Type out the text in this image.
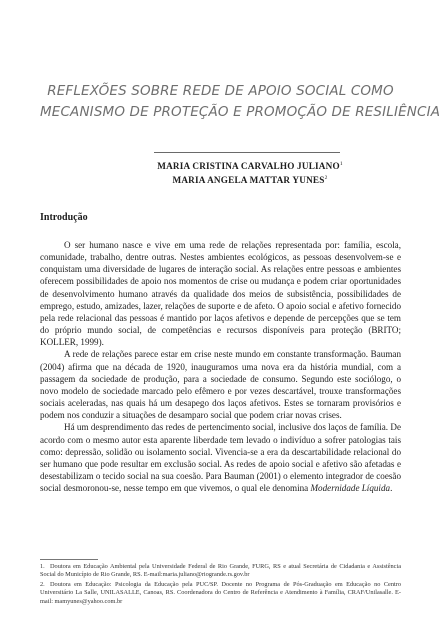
REFLEXÕES SOBRE REDE DE APOIO SOCIAL COMO
MECANISMO DE PROTEÇÃO E PROMOÇÃO DE RESILIÊNCIA
MARIA CRISTINA CARVALHO JULIANO$^1$
MARIA ANGELA MATTAR YUNES$^2$
Introdução

O ser humano nasce e vive em uma rede de relações representada por: família, escola, comunidade, trabalho, dentre outras. Nestes ambientes ecológicos, as pessoas desenvolvem-se e conquistam uma diversidade de lugares de interação social. As relações entre pessoas e ambientes oferecem possibilidades de apoio nos momentos de crise ou mudança e podem criar oportunidades de desenvolvimento humano através da qualidade dos meios de subsistência, possibilidades de emprego, estudo, amizades, lazer, relações de suporte e de afeto. O apoio social e afetivo fornecido pela rede relacional das pessoas é mantido por laços afetivos e depende de percepções que se tem do próprio mundo social, de competências e recursos disponíveis para proteção (BRITO; KOLLER, 1999).

A rede de relações parece estar em crise neste mundo em constante transformação. Bauman (2004) afirma que na década de 1920, inauguramos uma nova era da história mundial, com a passagem da sociedade de produção, para a sociedade de consumo. Segundo este sociólogo, o novo modelo de sociedade marcado pelo efêmero e por vezes descartável, trouxe transformações sociais aceleradas, nas quais há um desapego dos laços afetivos. Estes se tornaram provisórios e podem nos conduzir a situações de desamparo social que podem criar novas crises.

Há um desprendimento das redes de pertencimento social, inclusive dos laços de família. De acordo com o mesmo autor esta aparente liberdade tem levado o indivíduo a sofrer patologias tais como: depressão, solidão ou isolamento social. Vivencia-se a era da descartabilidade relacional do ser humano que pode resultar em exclusão social. As redes de apoio social e afetivo são afetadas e desestabilizam o tecido social na sua coesão. Para Bauman (2001) o elemento integrador de coesão social desmoronou-se, nesse tempo em que vivemos, o qual ele denomina Modernidade Líquida.

1. Doutora em Educação Ambiental pela Universidade Federal de Rio Grande, FURG, RS e atual Secretária de Cidadania e Assistência Social do Município de Rio Grande, RS. E-mail:maria.juliano@riogrande.rs.gov.br

2. Doutora em Educação: Psicologia da Educação pela PUC/SP. Docente no Programa de Pós-Graduação em Educação no Centro Universitário La Salle, UNILASALLE, Canoas, RS. Coordenadora do Centro de Referência e Atendimento à Família, CRAF/Unilasalle. E-mail: mamyunes@yahoo.com.br
